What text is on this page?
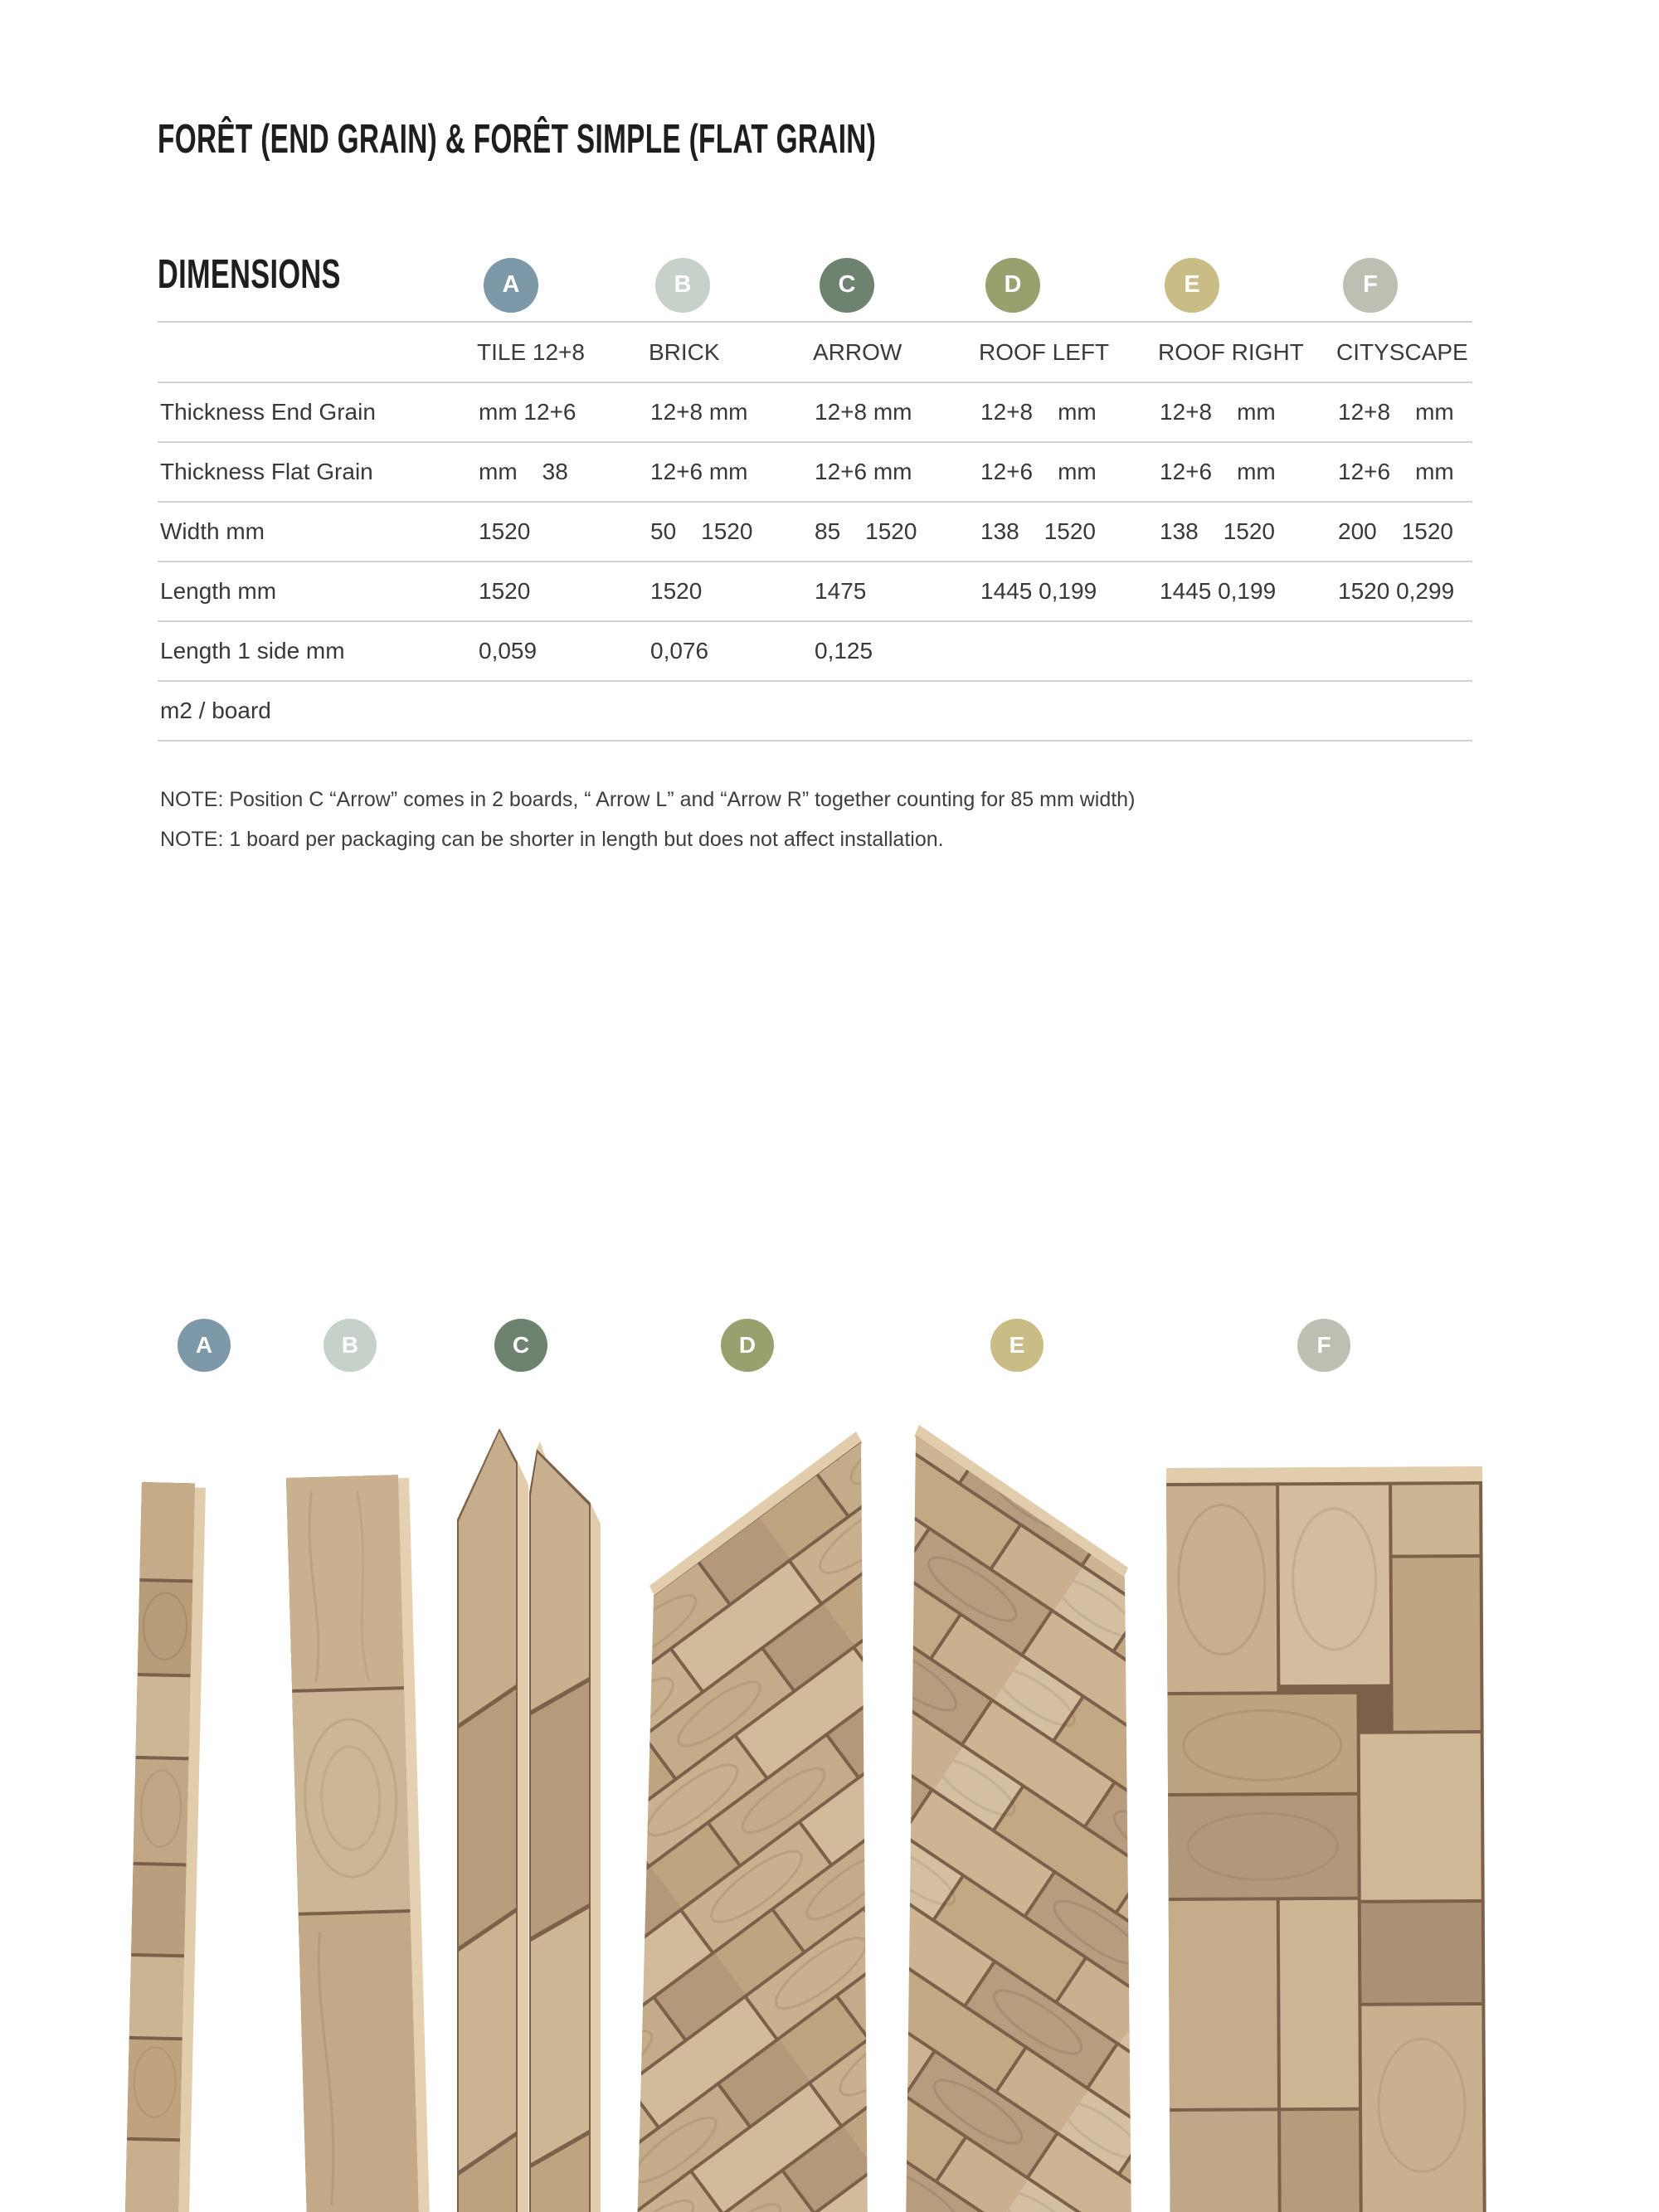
FORÊT (END GRAIN) & FORÊT SIMPLE (FLAT GRAIN)
DIMENSIONS	A	B	C	D	E	F
TILE 12+8	BRICK	ARROW	ROOF LEFT	ROOF RIGHT	CITYSCAPE
Thickness End Grain	mm 12+6	12+8 mm	12+8 mm	12+8 mm	12+8 mm	12+8 mm
Thickness Flat Grain	mm 38	12+6 mm	12+6 mm	12+6 mm	12+6 mm	12+6 mm
Width mm	1520	50 1520	85 1520	138 1520	138 1520	200 1520
Length mm	1520	1520	1475	1445 0,199	1445 0,199	1520 0,299
Length 1 side mm	0,059	0,076	0,125
m2 / board

NOTE: Position C “Arrow” comes in 2 boards, “ Arrow L” and “Arrow R” together counting for 85 mm width)

NOTE: 1 board per packaging can be shorter in length but does not affect installation.

A	B	C	D	E	F
